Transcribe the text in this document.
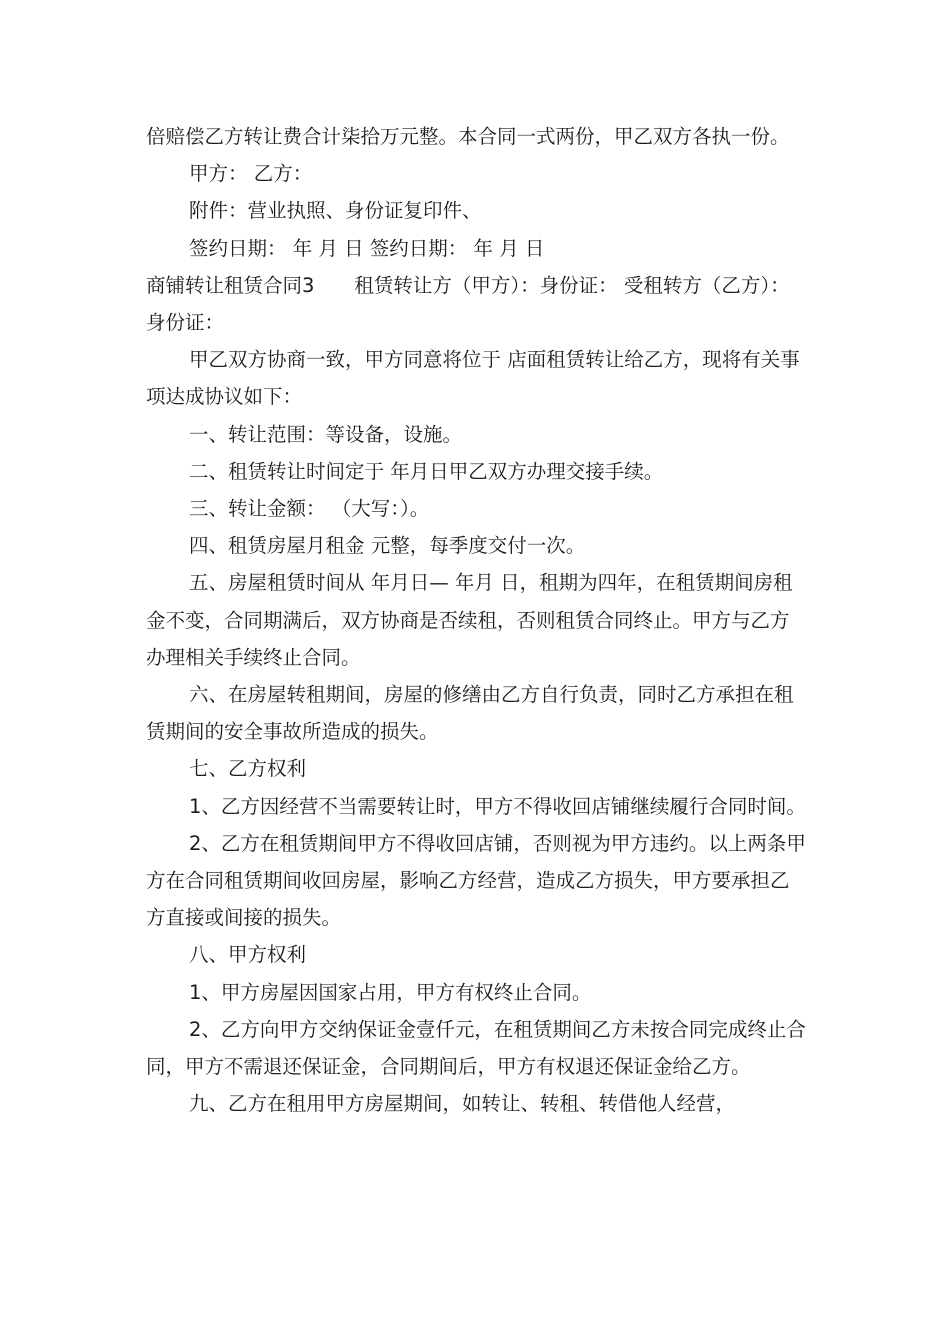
倍赔偿乙方转让费合计柒拾万元整。本合同一式两份，甲乙双方各执一份。

甲方： 乙方：

附件：营业执照、身份证复印件、

签约日期： 年 月 日 签约日期： 年 月 日

商铺转让租赁合同3 租赁转让方（甲方）：身份证： 受租转方（乙方）： 身份证：

甲乙双方协商一致，甲方同意将位于 店面租赁转让给乙方，现将有关事项达成协议如下：

一、转让范围：等设备，设施。

二、租赁转让时间定于 年月日甲乙双方办理交接手续。

三、转让金额： （大写：）。

四、租赁房屋月租金 元整，每季度交付一次。

五、房屋租赁时间从 年月日— 年月 日，租期为四年，在租赁期间房租金不变，合同期满后，双方协商是否续租，否则租赁合同终止。甲方与乙方办理相关手续终止合同。

六、在房屋转租期间，房屋的修缮由乙方自行负责，同时乙方承担在租赁期间的安全事故所造成的损失。

七、乙方权利

1、乙方因经营不当需要转让时，甲方不得收回店铺继续履行合同时间。

2、乙方在租赁期间甲方不得收回店铺，否则视为甲方违约。以上两条甲方在合同租赁期间收回房屋，影响乙方经营，造成乙方损失，甲方要承担乙方直接或间接的损失。

八、甲方权利

1、甲方房屋因国家占用，甲方有权终止合同。

2、乙方向甲方交纳保证金壹仟元，在租赁期间乙方未按合同完成终止合同，甲方不需退还保证金，合同期间后，甲方有权退还保证金给乙方。

九、乙方在租用甲方房屋期间，如转让、转租、转借他人经营，
